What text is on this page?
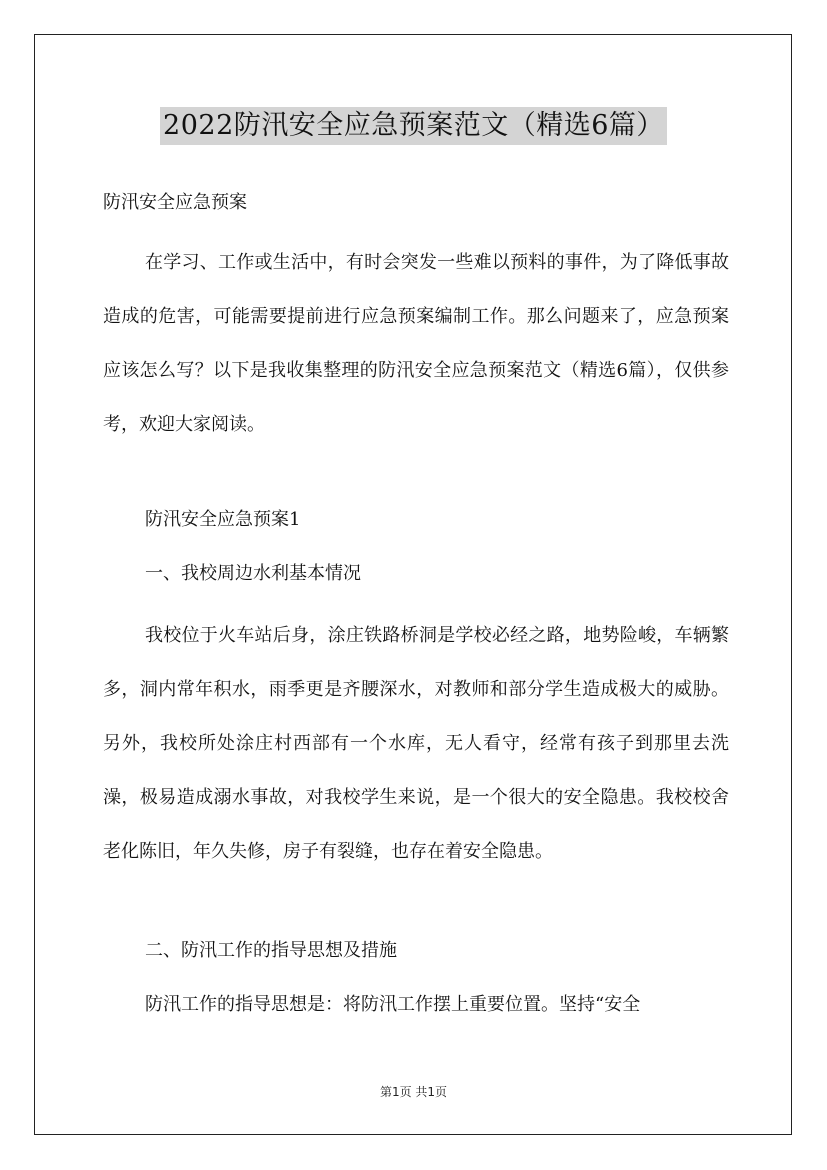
2022防汛安全应急预案范文（精选6篇）

防汛安全应急预案

在学习、工作或生活中，有时会突发一些难以预料的事件，为了降低事故造成的危害，可能需要提前进行应急预案编制工作。那么问题来了，应急预案应该怎么写？以下是我收集整理的防汛安全应急预案范文（精选6篇），仅供参考，欢迎大家阅读。

防汛安全应急预案1

一、我校周边水利基本情况

我校位于火车站后身，涂庄铁路桥洞是学校必经之路，地势险峻，车辆繁多，洞内常年积水，雨季更是齐腰深水，对教师和部分学生造成极大的威胁。另外，我校所处涂庄村西部有一个水库，无人看守，经常有孩子到那里去洗澡，极易造成溺水事故，对我校学生来说，是一个很大的安全隐患。我校校舍老化陈旧，年久失修，房子有裂缝，也存在着安全隐患。

二、防汛工作的指导思想及措施

防汛工作的指导思想是：将防汛工作摆上重要位置。坚持“安全

第1页 共1页
